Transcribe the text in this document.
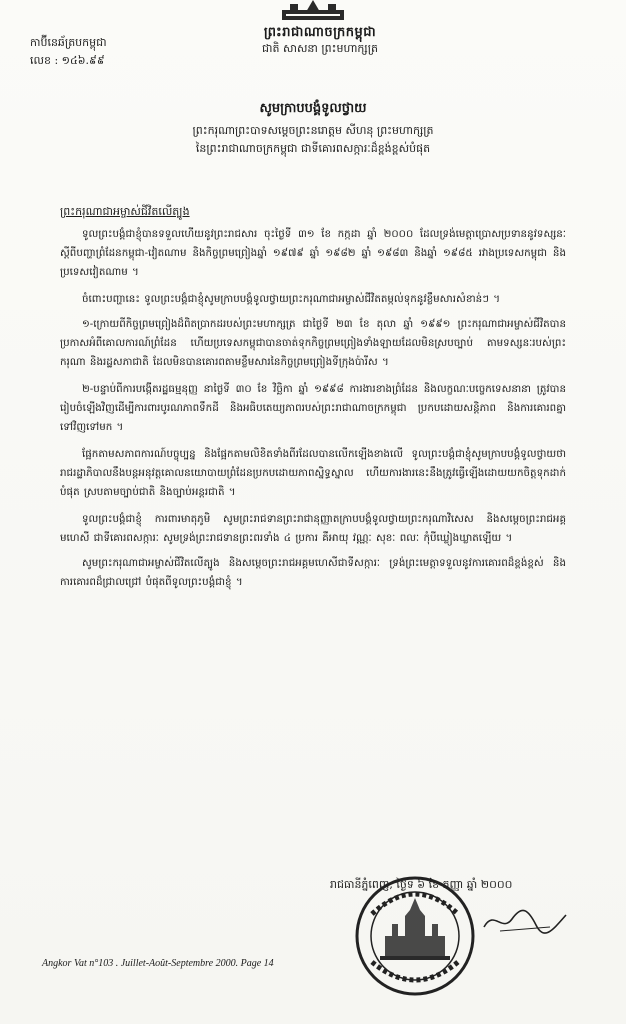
ព្រះរាជាណាចក្រកម្ពុជា
ជាតិ សាសនា ព្រះមហាក្សត្រ
កាប៊ីនេឆ័ត្របកម្ពុជា
លេខ : ១៤៦.៩៩
សូមក្រាបបង្គំទូលថ្វាយ
ព្រះករុណាព្រះបាទសម្តេចព្រះនរោត្តម សីហនុ ព្រះមហាក្សត្រ
នៃព្រះរាជាណាចក្រកម្ពុជា ជាទីគោរពសក្ការៈដ៏ខ្ពង់ខ្ពស់បំផុត
ព្រះករុណាជាអម្ចាស់ជីវិតលើត្បូង

ទូលព្រះបង្គំជាខ្ញុំបានទទួលហើយនូវព្រះរាជសារ ចុះថ្ងៃទី ៣១ ខែ កក្កដា ឆ្នាំ ២០០០ ដែលទ្រង់មេត្តាប្រោសប្រទាននូវទស្សនៈ ស្តីពីបញ្ហាព្រំដែនកម្ពុជា-វៀតណាម និងកិច្ចព្រមព្រៀងឆ្នាំ ១៩៧៩ ឆ្នាំ ១៩៨២ ឆ្នាំ ១៩៨៣ និងឆ្នាំ ១៩៨៥ រវាងប្រទេសកម្ពុជា និង ប្រទេសវៀតណាម ។

ចំពោះបញ្ហានេះ ទូលព្រះបង្គំជាខ្ញុំសូមក្រាបបង្គំទូលថ្វាយព្រះករុណាជាអម្ចាស់ជីវិតតម្កល់ទុកនូវខ្លឹមសារសំខាន់ៗ ។

១-ក្រោយពីកិច្ចព្រមព្រៀងដ៏ពិតប្រាកដរបស់ព្រះមហាក្សត្រ ជាថ្ងៃទី ២៣ ខែ តុលា ឆ្នាំ ១៩៩១ ព្រះករុណាជាអម្ចាស់ជីវិតបានប្រកាសអំពីគោលការណ៍ព្រំដែន ហើយប្រទេសកម្ពុជាបានចាត់ទុកកិច្ចព្រមព្រៀងទាំងឡាយដែលមិនស្របច្បាប់ តាមទស្សនៈរបស់ព្រះករុណា និងរដ្ឋសភាជាតិ ដែលមិនបានគោរពតាមខ្លឹមសារនៃកិច្ចព្រមព្រៀងទីក្រុងប៉ារីស ។

២-បន្ទាប់ពីការបង្កើតរដ្ឋធម្មនុញ្ញ នាថ្ងៃទី ៣០ ខែ វិច្ឆិកា ឆ្នាំ ១៩៩៨ ការងារខាងព្រំដែន និងលក្ខណៈបច្ចេកទេសនានា ត្រូវបានរៀបចំឡើងវិញដើម្បីការពារបូរណភាពទឹកដី និងអធិបតេយ្យភាពរបស់ព្រះរាជាណាចក្រកម្ពុជា ប្រកបដោយសន្តិភាព និងការគោរពគ្នាទៅវិញទៅមក ។

ផ្អែកតាមសភាពការណ៍បច្ចុប្បន្ន និងផ្អែកតាមលិខិតទាំងពីរដែលបានលើកឡើងខាងលើ ទូលព្រះបង្គំជាខ្ញុំសូមក្រាបបង្គំទូលថ្វាយថា រាជរដ្ឋាភិបាលនឹងបន្តអនុវត្តគោលនយោបាយព្រំដែនប្រកបដោយភាពស្និទ្ធស្នាល ហើយការងារនេះនឹងត្រូវធ្វើឡើងដោយយកចិត្តទុកដាក់បំផុត ស្របតាមច្បាប់ជាតិ និងច្បាប់អន្តរជាតិ ។

ទូលព្រះបង្គំជាខ្ញុំ ការពារមាតុភូមិ សូមព្រះរាជទានព្រះរាជានុញ្ញាតក្រាបបង្គំទូលថ្វាយព្រះករុណាវិសេស និងសម្តេចព្រះរាជអគ្គមហេសី ជាទីគោរពសក្ការៈ សូមទ្រង់ព្រះរាជទានព្រះពរទាំង ៤ ប្រការ គឺអាយុ វណ្ណៈ សុខៈ ពលៈ កុំបីឃ្លៀងឃ្លាតឡើយ ។

សូមព្រះករុណាជាអម្ចាស់ជីវិតលើត្បូង និងសម្តេចព្រះរាជអគ្គមហេសីជាទីសក្ការៈ ទ្រង់ព្រះមេត្តាទទួលនូវការគោរពដ៏ខ្ពង់ខ្ពស់ និង ការគោរពដ៏ជ្រាលជ្រៅ បំផុតពីទូលព្រះបង្គំជាខ្ញុំ ។

រាជធានីភ្នំពេញ, ថ្ងៃទី ៦ ខែ កញ្ញា ឆ្នាំ ២០០០
Angkor Vat n°103 . Juillet-Août-Septembre 2000. Page 14
